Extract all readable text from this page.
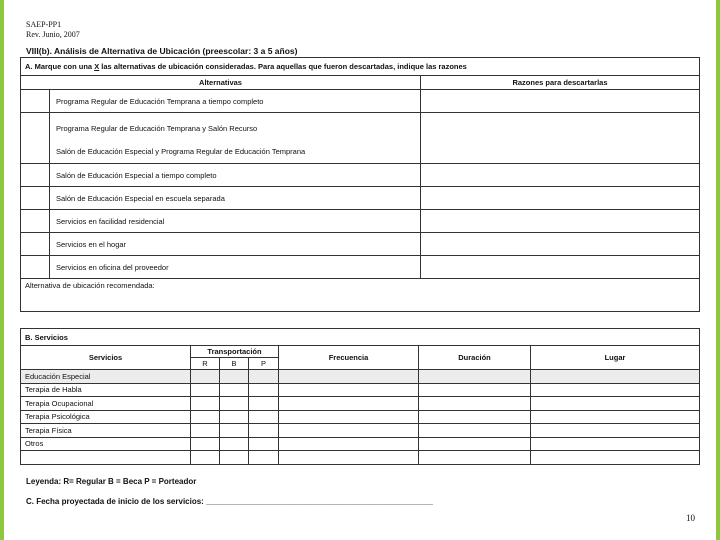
SAEP-PP1
Rev. Junio, 2007
VIII(b). Análisis de Alternativa de Ubicación (preescolar: 3 a 5 años)
A. Marque con una X las alternativas de ubicación consideradas. Para aquellas que fueron descartadas, indique las razones		
Alternativas		Razones para descartarlas
	Programa Regular de Educación Temprana a tiempo completo	

	Programa Regular de Educación Temprana y Salón Recurso
Salón de Educación Especial y Programa Regular de Educación Temprana	

	Salón de Educación Especial a tiempo completo	
	Salón de Educación Especial en escuela separada	
	Servicios en facilidad residencial	
	Servicios en el hogar	
	Servicios en oficina del proveedor	
Alternativa de ubicación recomendada:		
B. Servicios						
Servicios	Transportación			Frecuencia	Duración	Lugar
	R	B	P			
Educación Especial						
Terapia de Habla						
Terapia Ocupacional						
Terapia Psicológica						
Terapia Física						
Otros						

Leyenda: R= Regular B = Beca P = Porteador
C. Fecha proyectada de inicio de los servicios: ___________________________________________________
10
